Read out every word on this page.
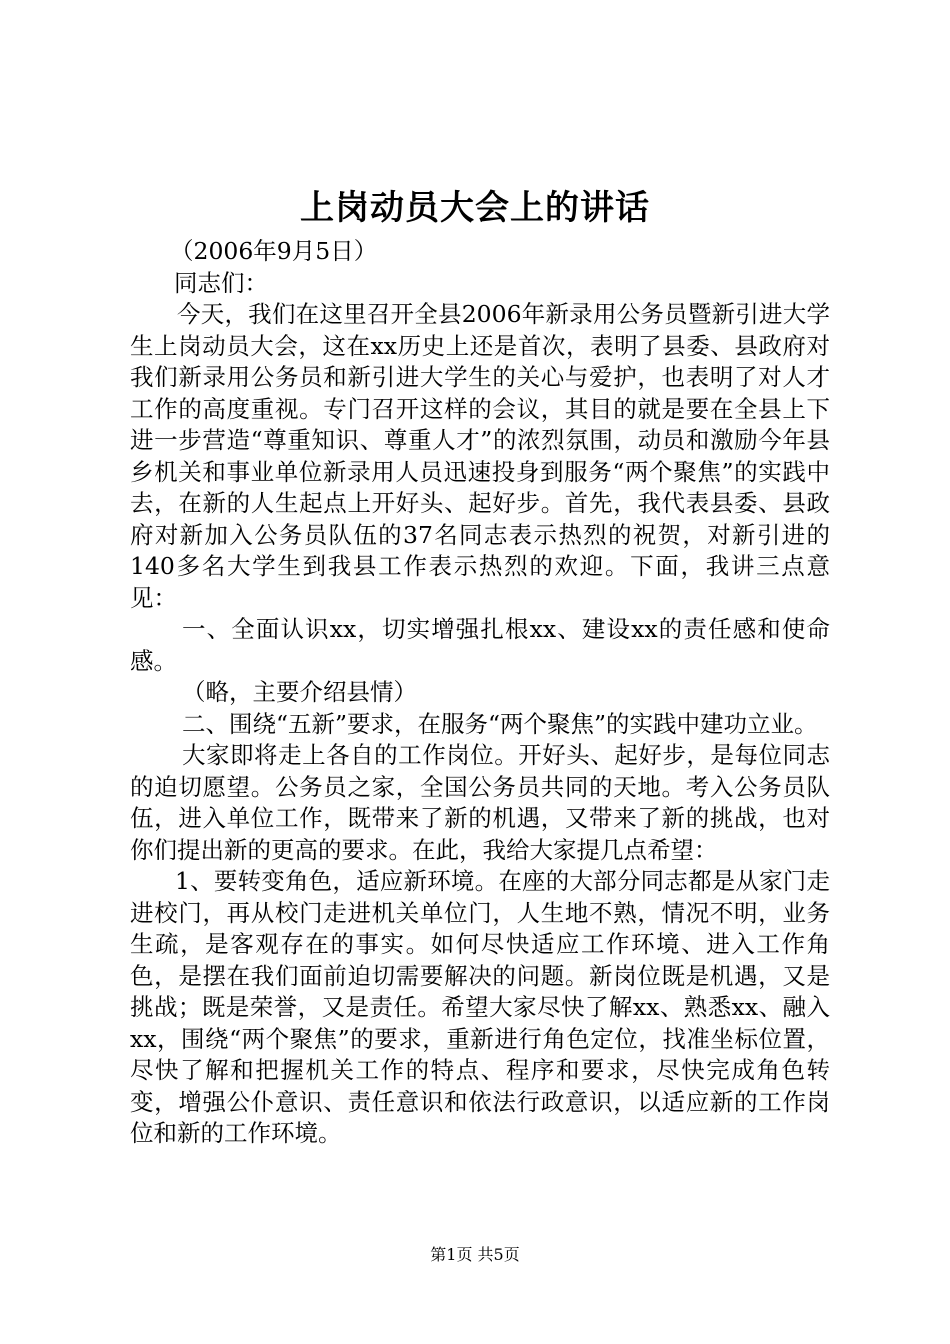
上岗动员大会上的讲话

（2006年9月5日）

同志们：

今天，我们在这里召开全县2006年新录用公务员暨新引进大学生上岗动员大会，这在xx历史上还是首次，表明了县委、县政府对我们新录用公务员和新引进大学生的关心与爱护，也表明了对人才工作的高度重视。专门召开这样的会议，其目的就是要在全县上下进一步营造“尊重知识、尊重人才”的浓烈氛围，动员和激励今年县乡机关和事业单位新录用人员迅速投身到服务“两个聚焦”的实践中去，在新的人生起点上开好头、起好步。首先，我代表县委、县政府对新加入公务员队伍的37名同志表示热烈的祝贺，对新引进的140多名大学生到我县工作表示热烈的欢迎。下面，我讲三点意见：

一、全面认识xx，切实增强扎根xx、建设xx的责任感和使命感。

（略，主要介绍县情）

二、围绕“五新”要求，在服务“两个聚焦”的实践中建功立业。

大家即将走上各自的工作岗位。开好头、起好步，是每位同志的迫切愿望。公务员之家，全国公务员共同的天地。考入公务员队伍，进入单位工作，既带来了新的机遇，又带来了新的挑战，也对你们提出新的更高的要求。在此，我给大家提几点希望：

1、要转变角色，适应新环境。在座的大部分同志都是从家门走进校门，再从校门走进机关单位门，人生地不熟，情况不明，业务生疏，是客观存在的事实。如何尽快适应工作环境、进入工作角色，是摆在我们面前迫切需要解决的问题。新岗位既是机遇，又是挑战；既是荣誉，又是责任。希望大家尽快了解xx、熟悉xx、融入xx，围绕“两个聚焦”的要求，重新进行角色定位，找准坐标位置，尽快了解和把握机关工作的特点、程序和要求，尽快完成角色转变，增强公仆意识、责任意识和依法行政意识，以适应新的工作岗位和新的工作环境。

第1页 共5页
